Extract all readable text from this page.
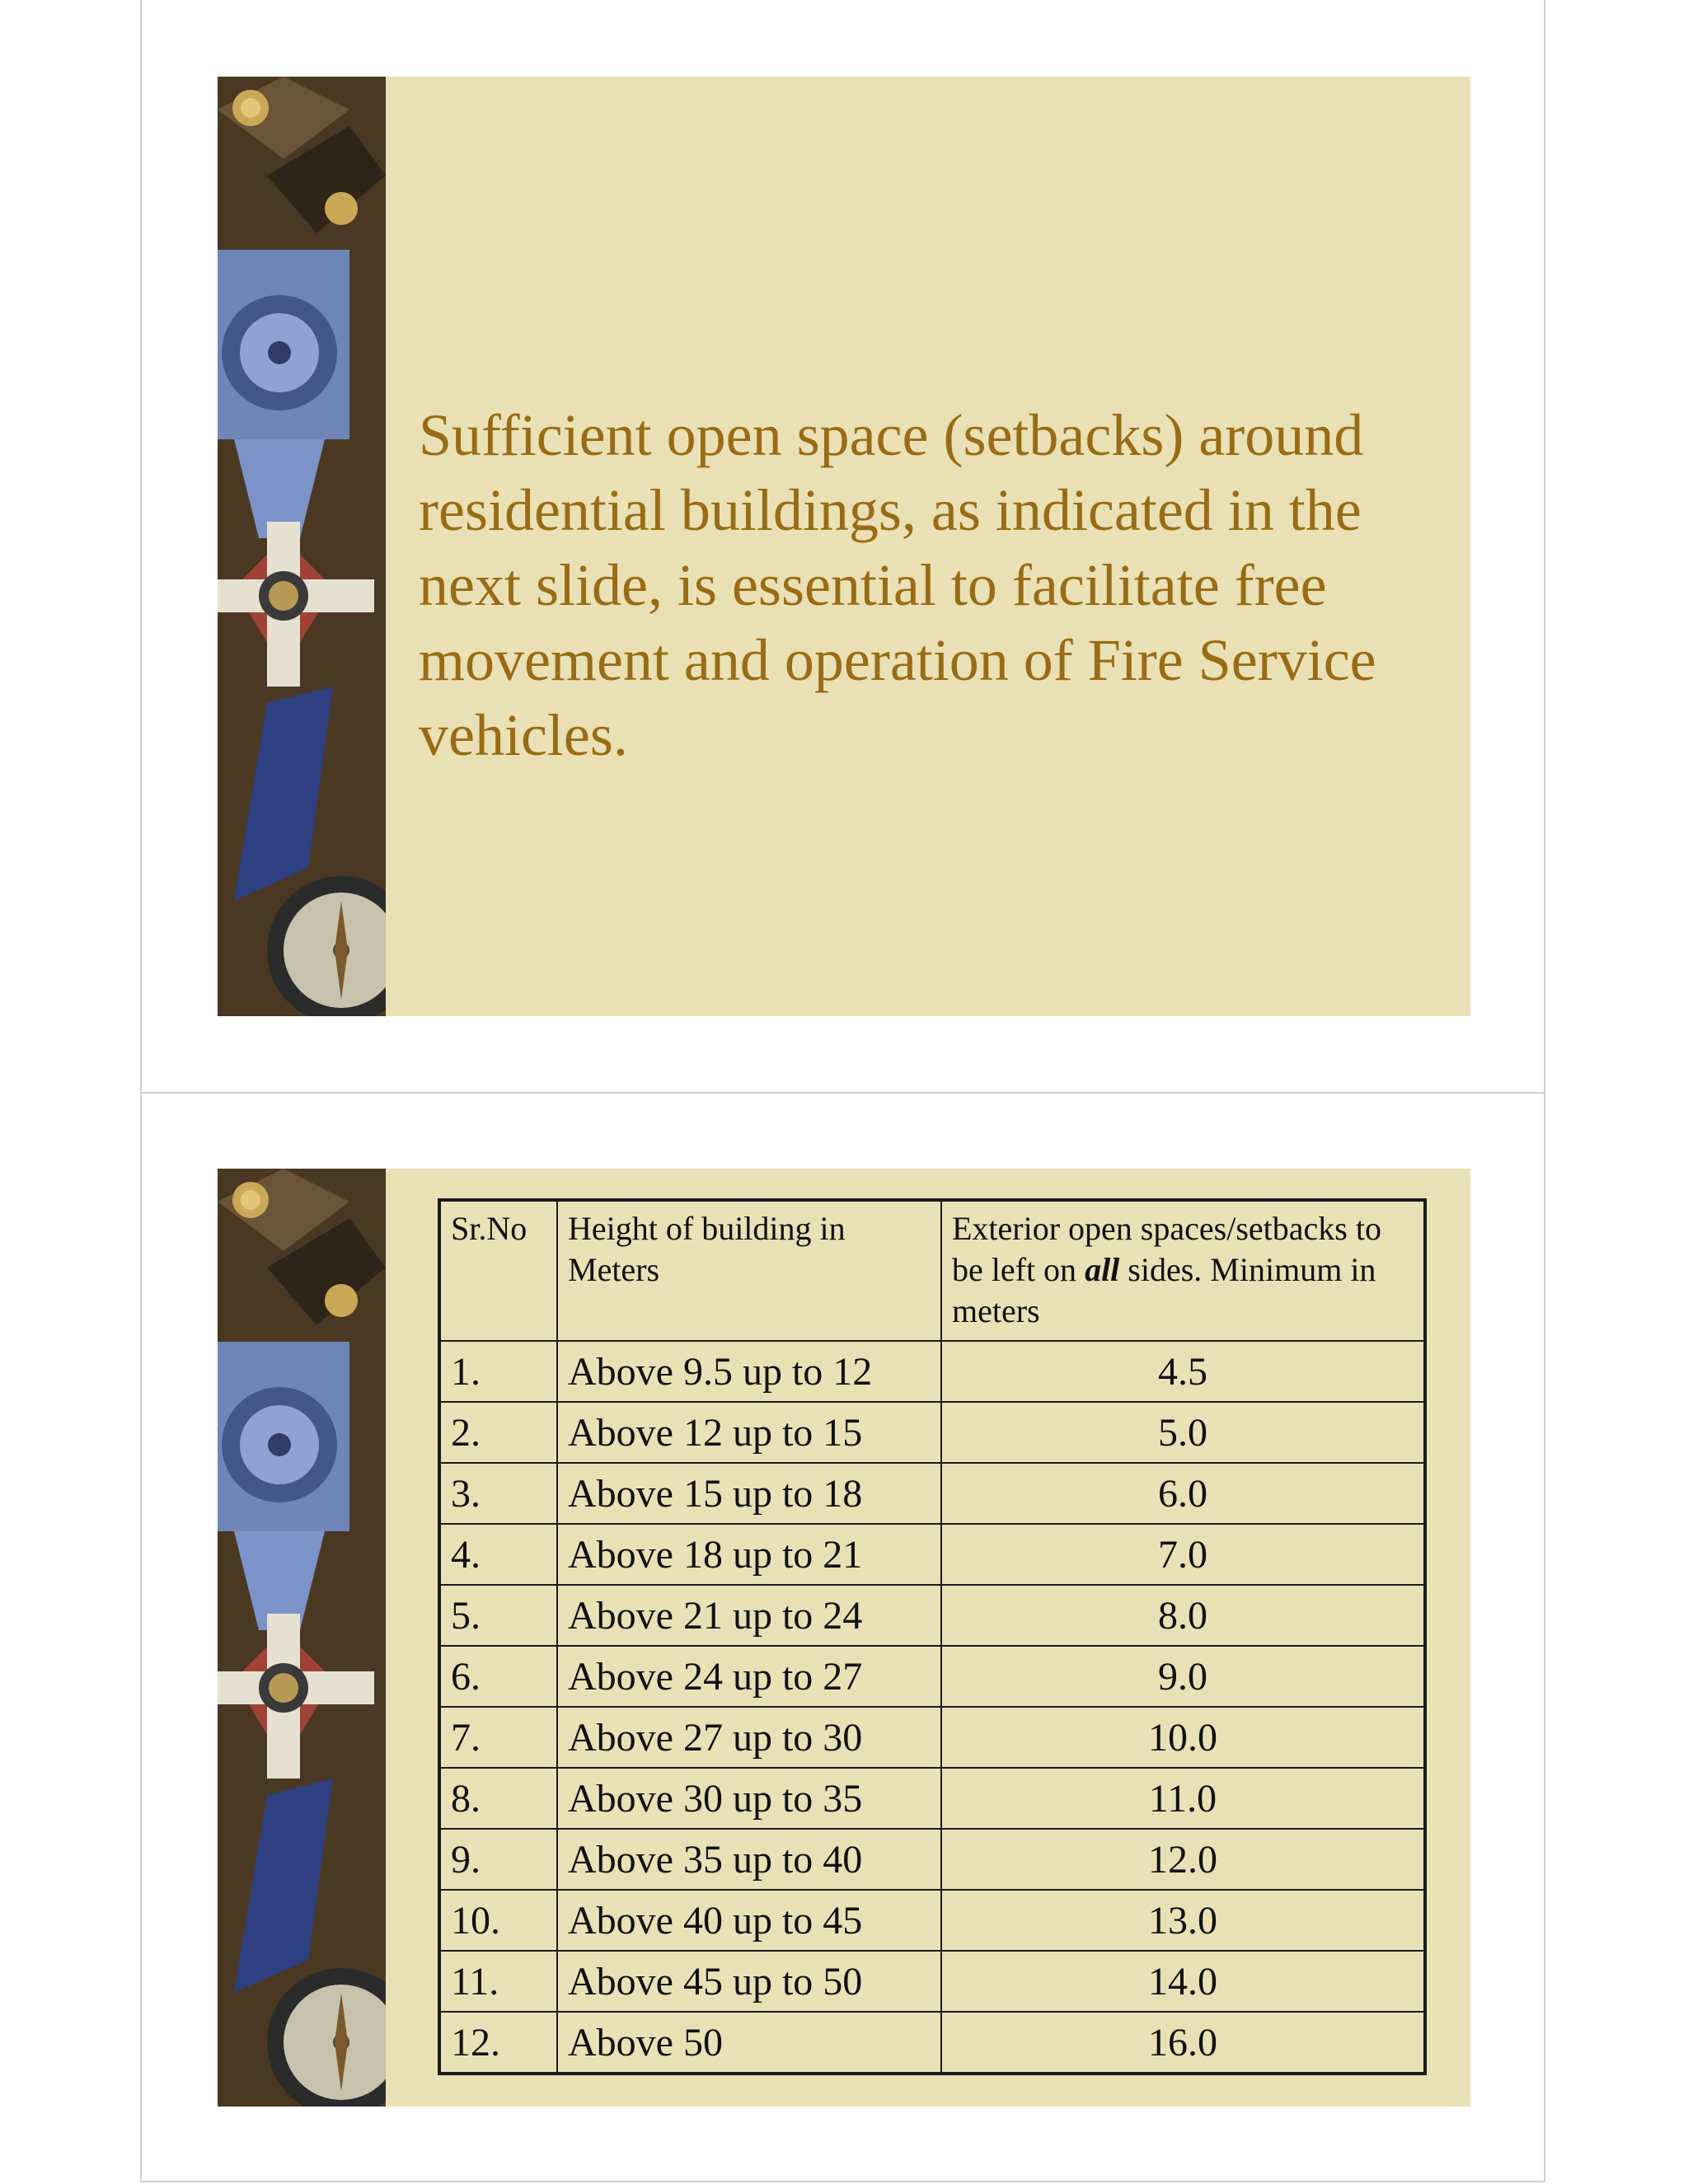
Sufficient open space (setbacks) around residential buildings, as indicated in the next slide, is essential to facilitate free movement and operation of Fire Service vehicles.
Sr.No	Height of building in Meters	Exterior open spaces/setbacks to be left on all sides. Minimum in meters
1.	Above 9.5 up to 12	4.5
2.	Above 12 up to 15	5.0
3.	Above 15 up to 18	6.0
4.	Above 18 up to 21	7.0
5.	Above 21 up to 24	8.0
6.	Above 24 up to 27	9.0
7.	Above 27 up to 30	10.0
8.	Above 30 up to 35	11.0
9.	Above 35 up to 40	12.0
10.	Above 40 up to 45	13.0
11.	Above 45 up to 50	14.0
12.	Above 50	16.0
